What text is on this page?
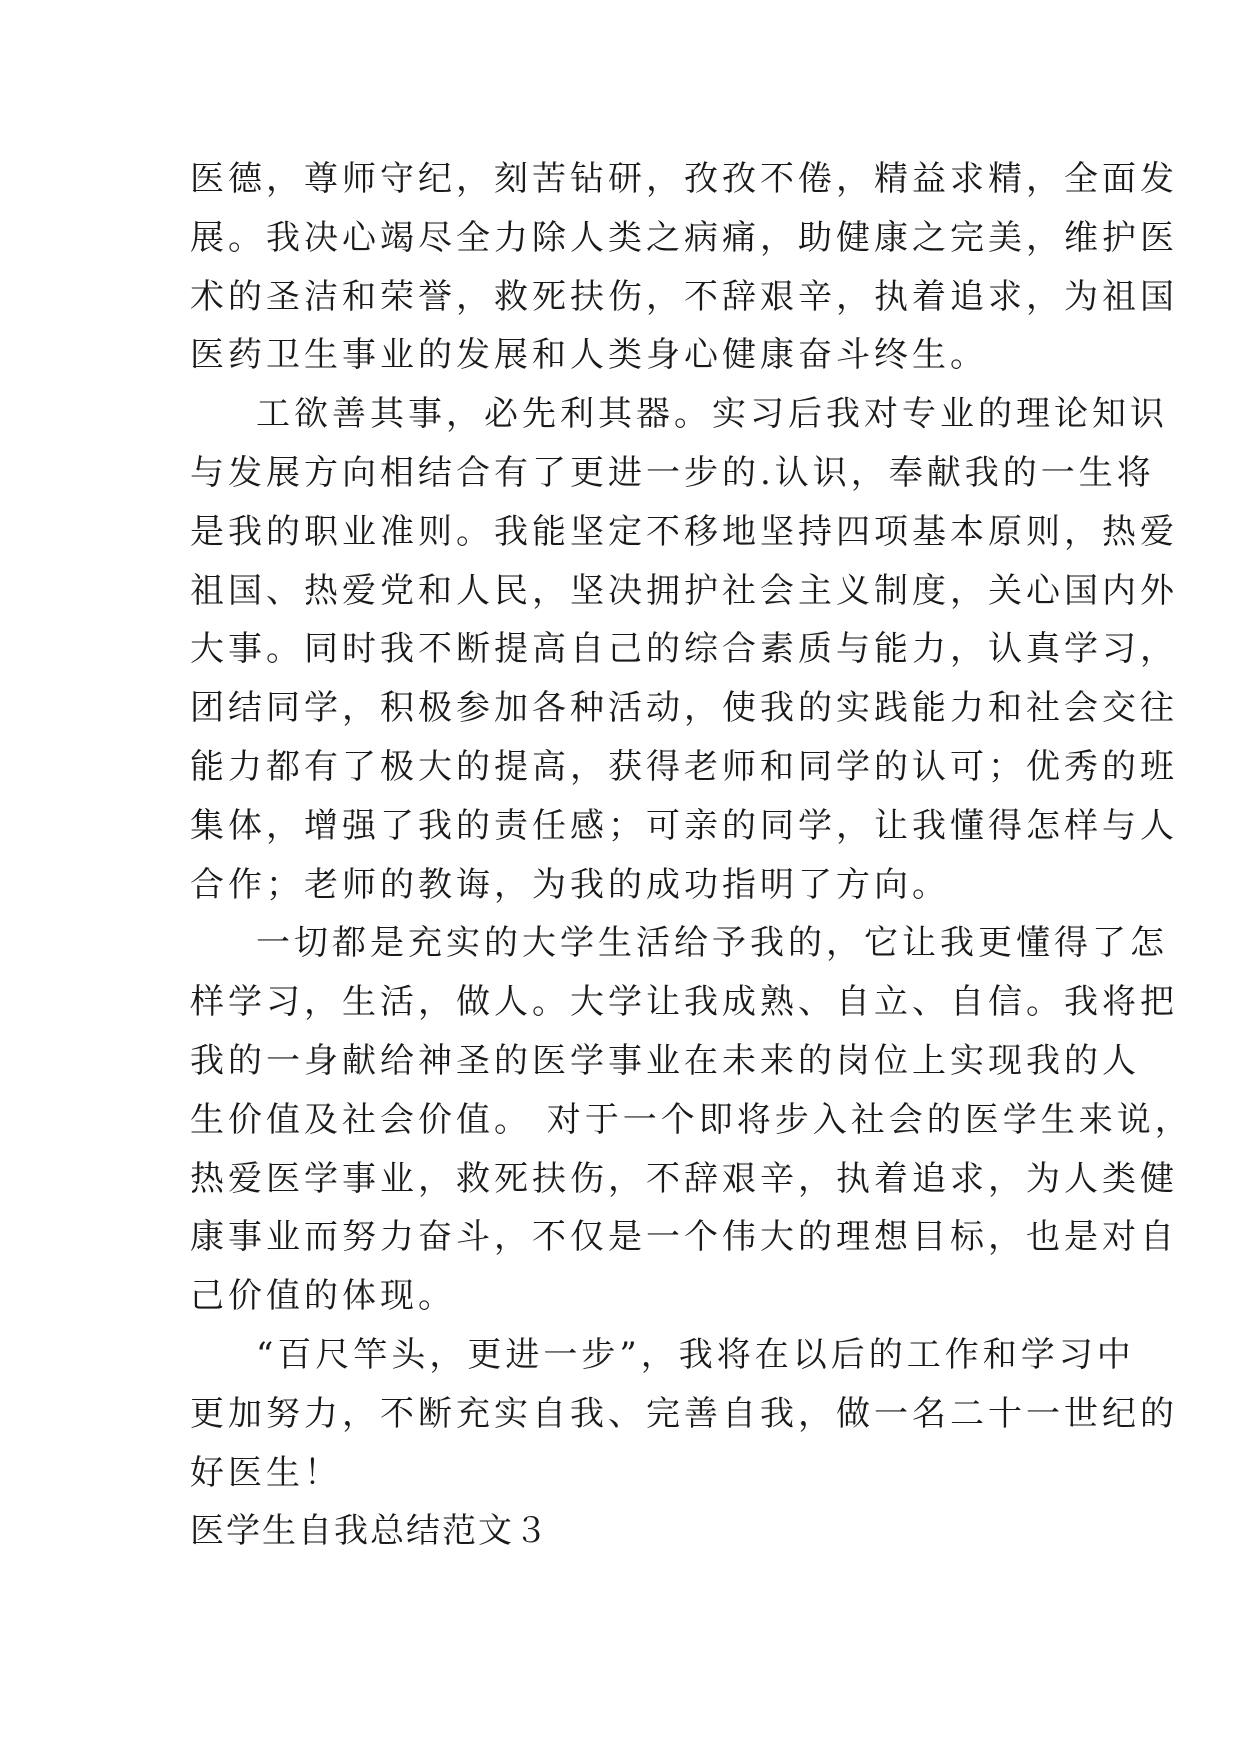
医德，尊师守纪，刻苦钻研，孜孜不倦，精益求精，全面发
展。我决心竭尽全力除人类之病痛，助健康之完美，维护医
术的圣洁和荣誉，救死扶伤，不辞艰辛，执着追求，为祖国
医药卫生事业的发展和人类身心健康奋斗终生。
工欲善其事，必先利其器。实习后我对专业的理论知识
与发展方向相结合有了更进一步的.认识，奉献我的一生将
是我的职业准则。我能坚定不移地坚持四项基本原则，热爱
祖国、热爱党和人民，坚决拥护社会主义制度，关心国内外
大事。同时我不断提高自己的综合素质与能力，认真学习，
团结同学，积极参加各种活动，使我的实践能力和社会交往
能力都有了极大的提高，获得老师和同学的认可；优秀的班
集体，增强了我的责任感；可亲的同学，让我懂得怎样与人
合作；老师的教诲，为我的成功指明了方向。
一切都是充实的大学生活给予我的，它让我更懂得了怎
样学习，生活，做人。大学让我成熟、自立、自信。我将把
我的一身献给神圣的医学事业在未来的岗位上实现我的人
生价值及社会价值。 对于一个即将步入社会的医学生来说，
热爱医学事业，救死扶伤，不辞艰辛，执着追求，为人类健
康事业而努力奋斗，不仅是一个伟大的理想目标，也是对自
己价值的体现。
“百尺竿头，更进一步”，我将在以后的工作和学习中
更加努力，不断充实自我、完善自我，做一名二十一世纪的
好医生！
医学生自我总结范文３
